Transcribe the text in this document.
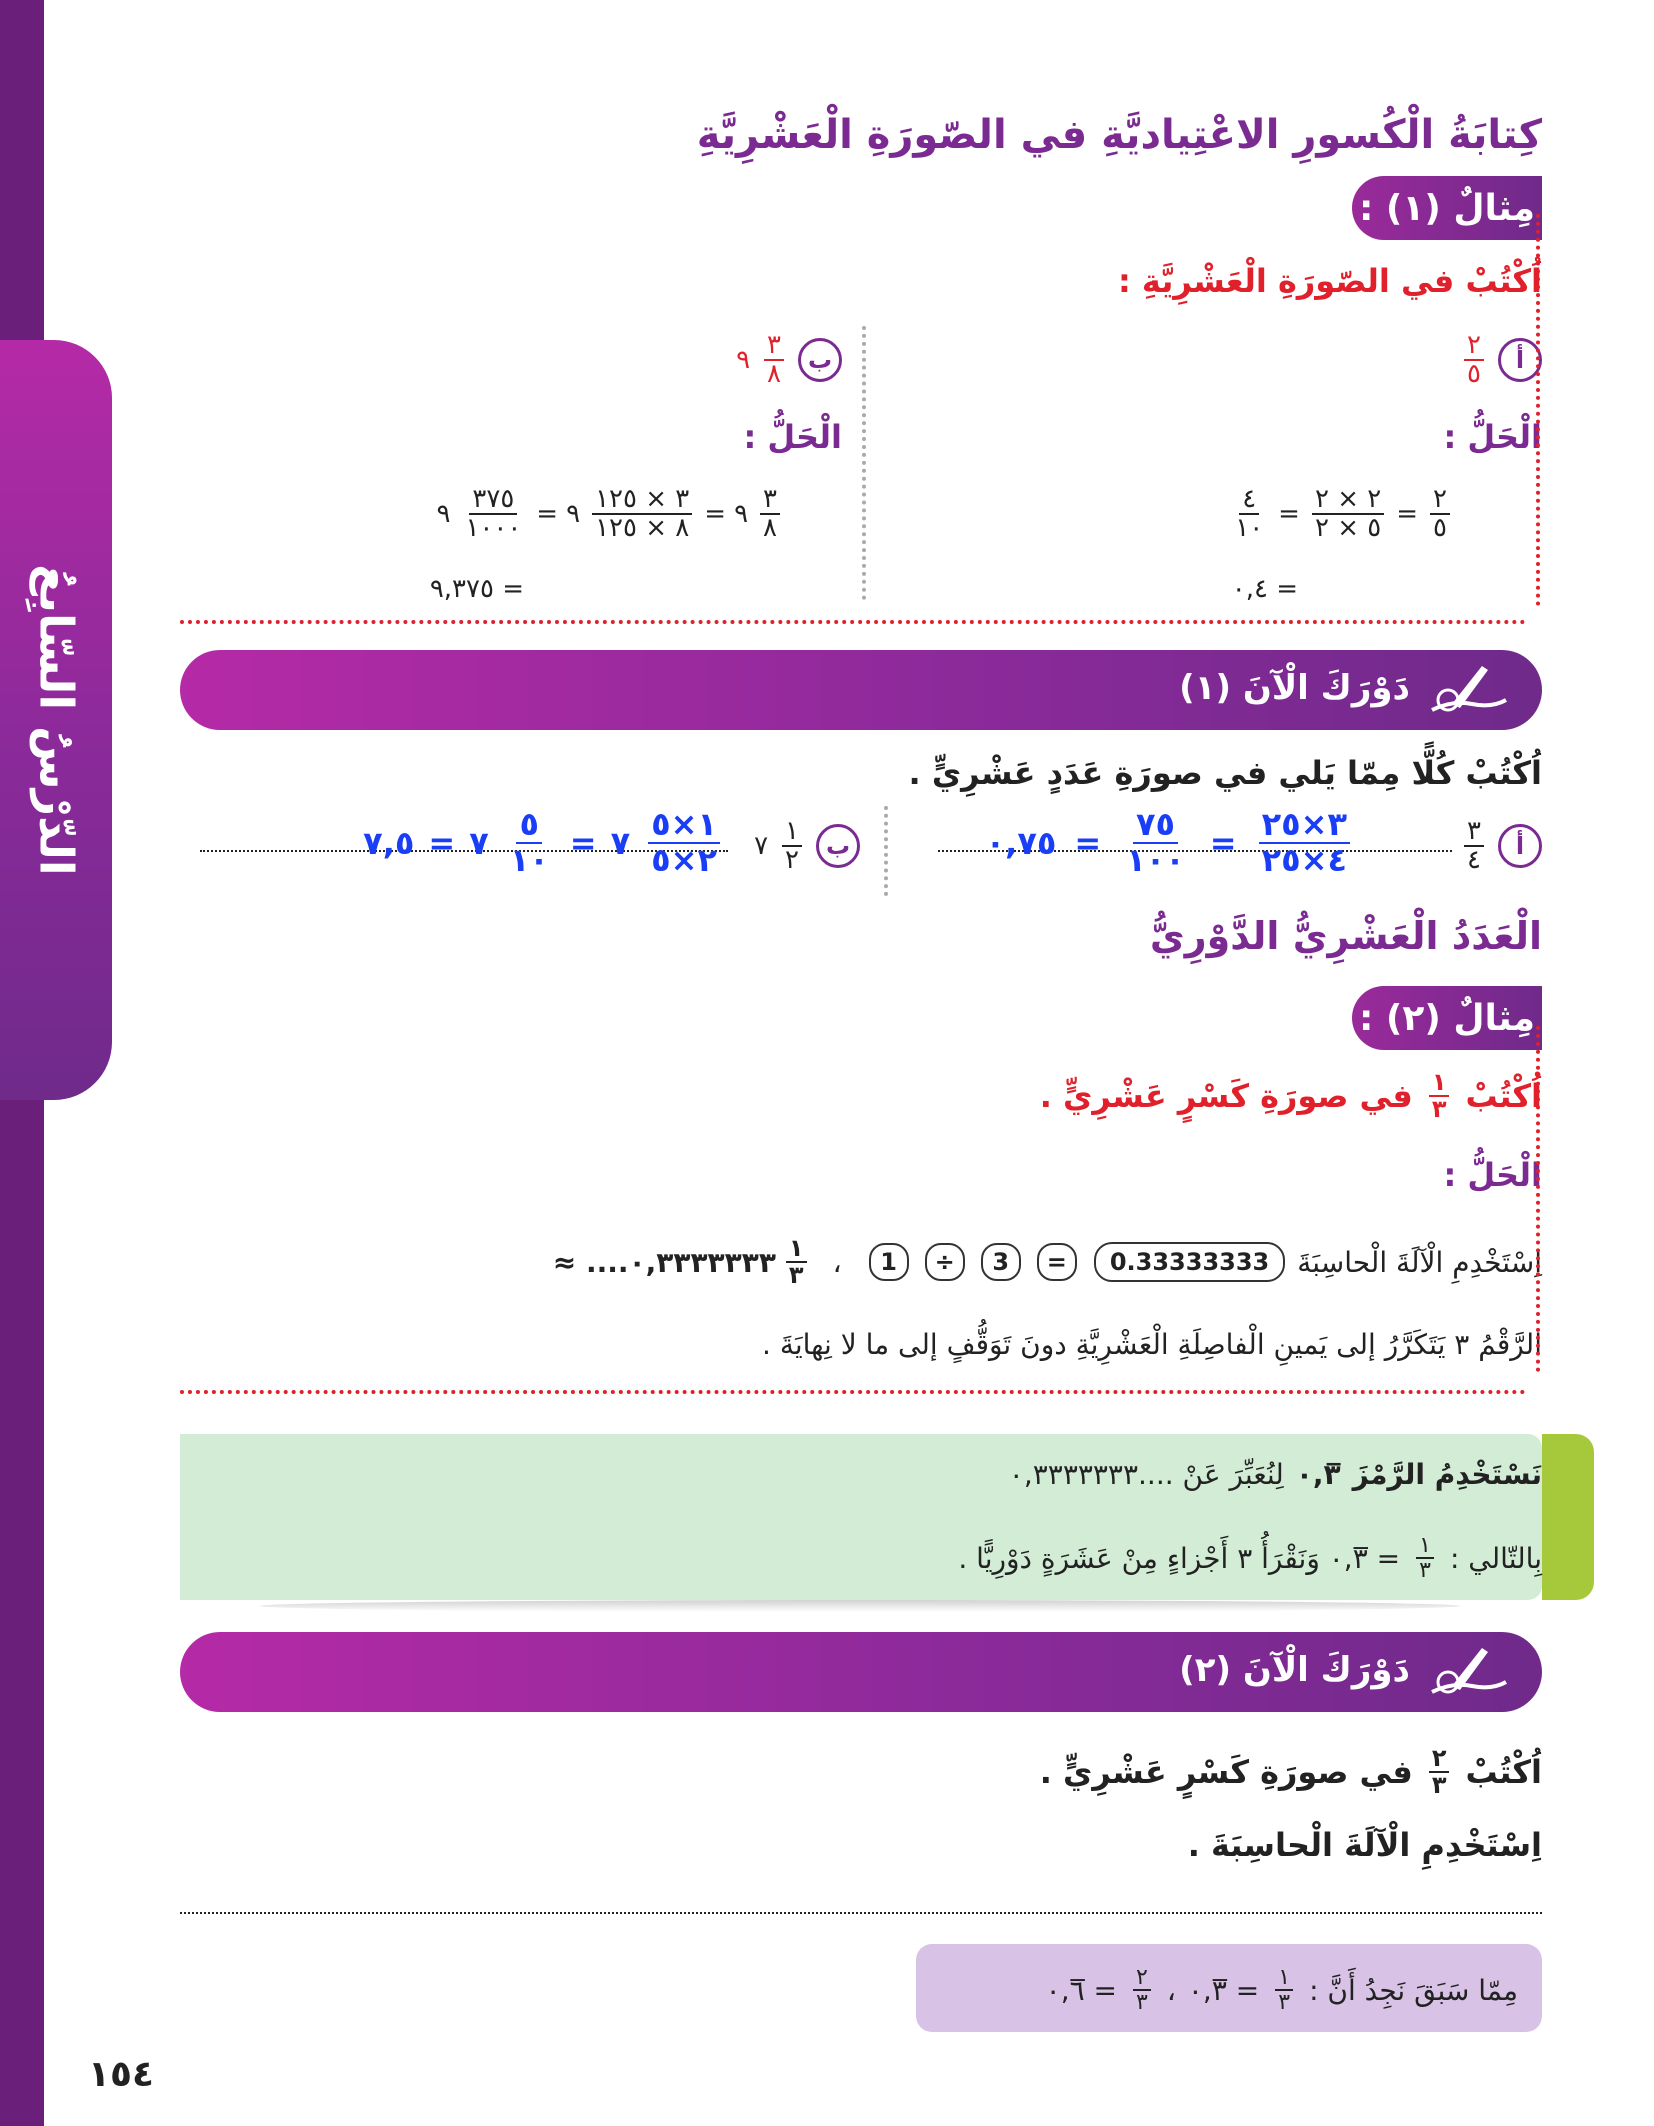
الدّرْسُ السّابِعُ
كِتابَةُ الْكُسورِ الاعْتِياديَّةِ في الصّورَةِ الْعَشْرِيَّةِ
مِثالٌ (١) :
اُكْتُبْ في الصّورَةِ الْعَشْرِيَّةِ :
أ
$\frac{٢}{٥}$
الْحَلُّ :
$\frac{٢}{٥}$
=
$\frac{٢ \times ٢}{٥ \times ٢}$
=
$\frac{٤}{١٠}$
= ٠,٤
ب
$\frac{٣}{٨}$
٩
الْحَلُّ :
$\frac{٣}{٨}$
٩
=
$\frac{٣ \times ١٢٥}{٨ \times ١٢٥}$
٩
=
$\frac{٣٧٥}{١٠٠٠}$
٩
= ٩,٣٧٥
دَوْرَكَ الْآنَ (١)
اُكْتُبْ كُلًّا مِمّا يَلي في صورَةِ عَدَدٍ عَشْرِيٍّ .
أ
$\frac{٣}{٤}$
$\frac{٣\times ٢٥}{٤\times ٢٥}$
=
$\frac{٧٥}{١٠٠}$
=
٠,٧٥
ب
$\frac{١}{٢}$
٧
$\frac{١\times ٥}{٢\times ٥}$
٧
=
$\frac{٥}{١٠}$
٧
=
٧,٥
الْعَدَدُ الْعَشْرِيُّ الدَّوْرِيُّ
مِثالٌ (٢) :
اُكْتُبْ
$\frac{١}{٣}$
في صورَةِ كَسْرٍ عَشْرِيٍّ .
الْحَلُّ :
اِسْتَخْدِمِ الْآلَةَ الْحاسِبَةَ
0.33333333
=
3
÷
1
،
$\frac{١}{٣}$
٠,٣٣٣٣٣٣٣.... ≈
الرَّقْمُ ٣ يَتَكَرَّرُ إلى يَمينِ الْفاصِلَةِ الْعَشْرِيَّةِ دونَ تَوَقُّفٍ إلى ما لا نِهايَةَ .
نَسْتَخْدِمُ الرَّمْزَ
٠,٣̅
لِنُعَبِّرَ عَنْ ....٠,٣٣٣٣٣٣٣
بِالتّالي :
$\frac{١}{٣}$
= ٠,٣̅ وَنَقْرَأُ ٣ أَجْزاءٍ مِنْ عَشَرَةٍ دَوْرِيًّا .
دَوْرَكَ الْآنَ (٢)
اُكْتُبْ
$\frac{٢}{٣}$
في صورَةِ كَسْرٍ عَشْرِيٍّ .
اِسْتَخْدِمِ الْآلَةَ الْحاسِبَةَ .
مِمّا سَبَقَ نَجِدُ أَنَّ :
$\frac{١}{٣}$
= ٠,٣̅
،
$\frac{٢}{٣}$
= ٠,٦̅
١٥٤
